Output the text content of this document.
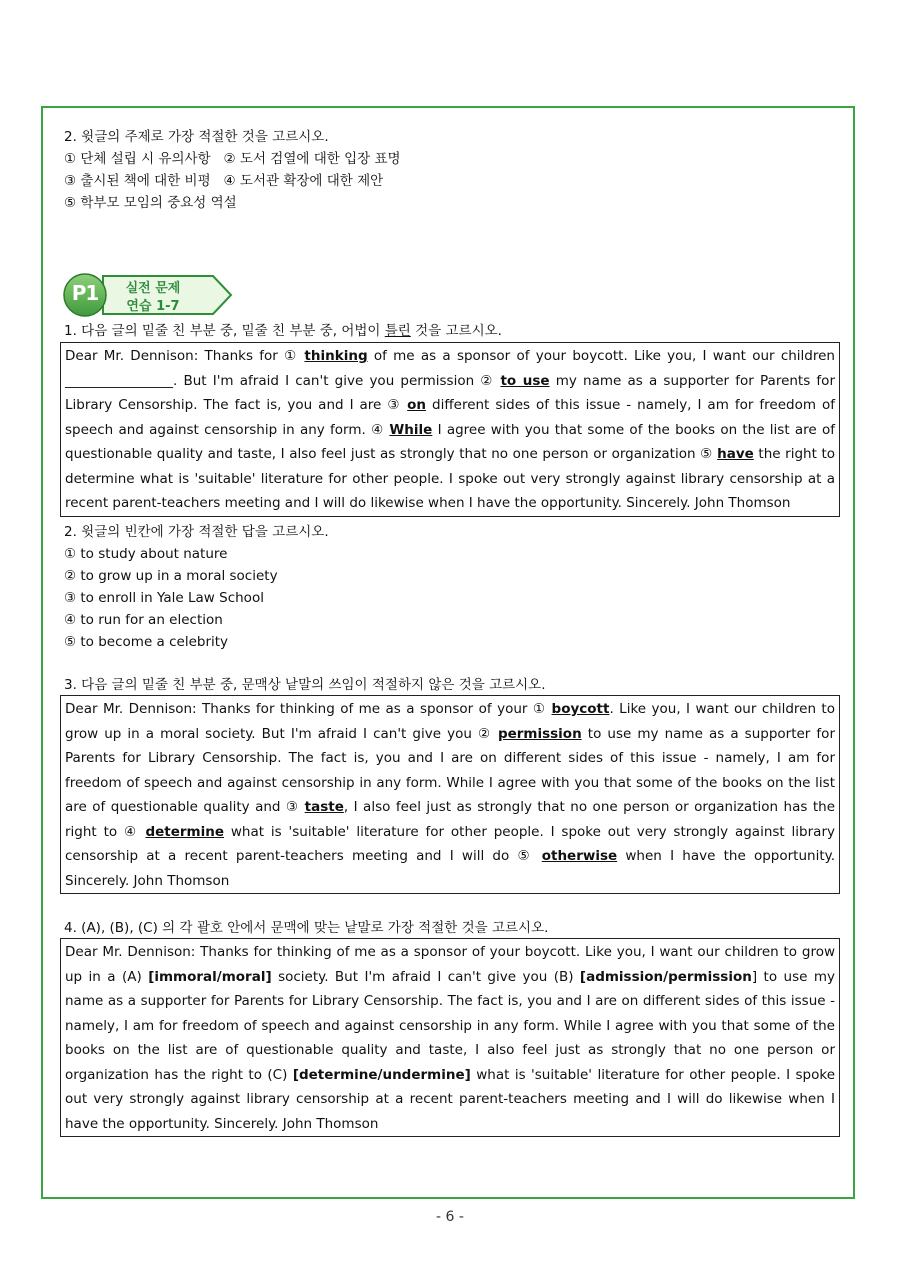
2. 윗글의 주제로 가장 적절한 것을 고르시오.
① 단체 설립 시 유의사항   ② 도서 검열에 대한 입장 표명
③ 출시된 책에 대한 비평   ④ 도서관 확장에 대한 제안
⑤ 학부모 모임의 중요성 역설
P1	실전 문제
연습 1-7
1. 다음 글의 밑줄 친 부분 중, 밑줄 친 부분 중, 어법이 틀린 것을 고르시오.
Dear Mr. Dennison: Thanks for ① thinking of me as a sponsor of your boycott. Like you, I want our children ________________. But I'm afraid I can't give you permission ② to use my name as a supporter for Parents for Library Censorship. The fact is, you and I are ③ on different sides of this issue - namely, I am for freedom of speech and against censorship in any form. ④ While I agree with you that some of the books on the list are of questionable quality and taste, I also feel just as strongly that no one person or organization ⑤ have the right to determine what is 'suitable' literature for other people. I spoke out very strongly against library censorship at a recent parent-teachers meeting and I will do likewise when I have the opportunity. Sincerely. John Thomson
2. 윗글의 빈칸에 가장 적절한 답을 고르시오.
① to study about nature
② to grow up in a moral society
③ to enroll in Yale Law School
④ to run for an election
⑤ to become a celebrity
3. 다음 글의 밑줄 친 부분 중, 문맥상 낱말의 쓰임이 적절하지 않은 것을 고르시오.
Dear Mr. Dennison: Thanks for thinking of me as a sponsor of your ① boycott. Like you, I want our children to grow up in a moral society. But I'm afraid I can't give you ② permission to use my name as a supporter for Parents for Library Censorship. The fact is, you and I are on different sides of this issue - namely, I am for freedom of speech and against censorship in any form. While I agree with you that some of the books on the list are of questionable quality and ③ taste, I also feel just as strongly that no one person or organization has the right to ④ determine what is 'suitable' literature for other people. I spoke out very strongly against library censorship at a recent parent-teachers meeting and I will do ⑤ otherwise when I have the opportunity. Sincerely. John Thomson
4. (A), (B), (C) 의 각 괄호 안에서 문맥에 맞는 낱말로 가장 적절한 것을 고르시오.
Dear Mr. Dennison: Thanks for thinking of me as a sponsor of your boycott. Like you, I want our children to grow up in a (A) [immoral/moral] society. But I'm afraid I can't give you (B) [admission/permission] to use my name as a supporter for Parents for Library Censorship. The fact is, you and I are on different sides of this issue - namely, I am for freedom of speech and against censorship in any form. While I agree with you that some of the books on the list are of questionable quality and taste, I also feel just as strongly that no one person or organization has the right to (C) [determine/undermine] what is 'suitable' literature for other people. I spoke out very strongly against library censorship at a recent parent-teachers meeting and I will do likewise when I have the opportunity. Sincerely. John Thomson
- 6 -
